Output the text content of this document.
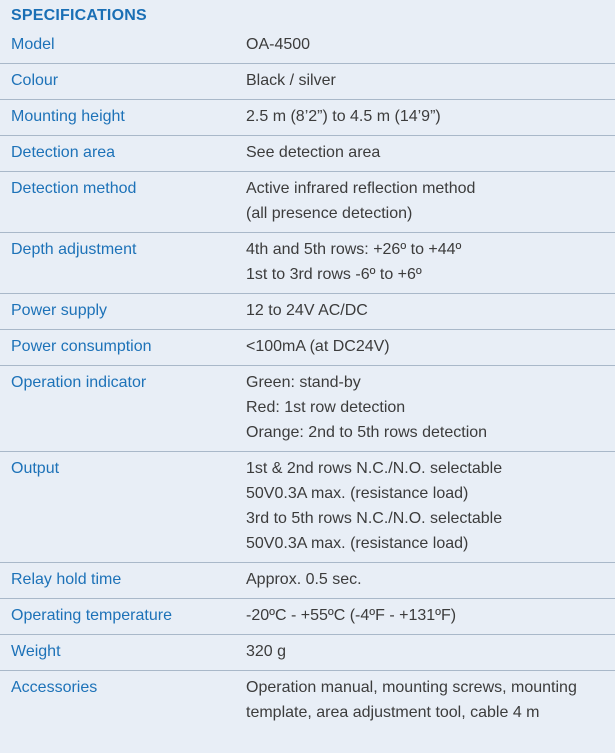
SPECIFICATIONS
Model	OA-4500
Colour	Black / silver
Mounting height	2.5 m (8’2”) to 4.5 m (14’9”)
Detection area	See detection area
Detection method	Active infrared reflection method
(all presence detection)
Depth adjustment	4th and 5th rows: +26º to +44º
1st to 3rd rows -6º to +6º
Power supply	12 to 24V AC/DC
Power consumption	<100mA (at DC24V)
Operation indicator	Green: stand-by
Red: 1st row detection
Orange: 2nd to 5th rows detection
Output	1st & 2nd rows N.C./N.O. selectable
50V0.3A max. (resistance load)
3rd to 5th rows N.C./N.O. selectable
50V0.3A max. (resistance load)
Relay hold time	Approx. 0.5 sec.
Operating temperature	-20ºC - +55ºC (-4ºF - +131ºF)
Weight	320 g
Accessories	Operation manual, mounting screws, mounting
template, area adjustment tool, cable 4 m
